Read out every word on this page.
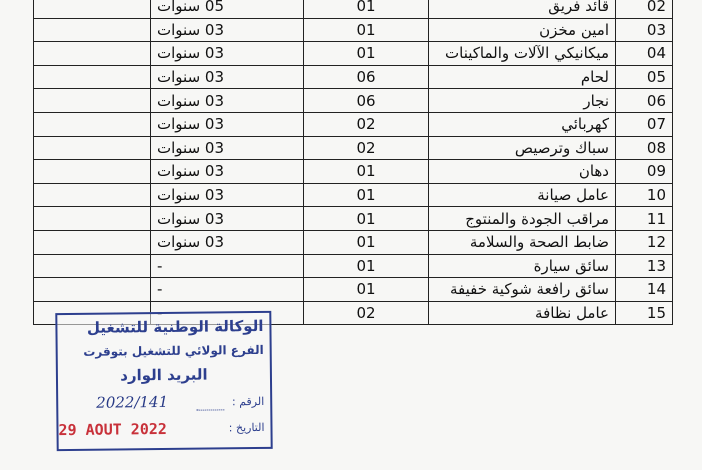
	05 سنوات	01	قائد فريق	02
	03 سنوات	01	امين مخزن	03
	03 سنوات	01	ميكانيكي الآلات والماكينات	04
	03 سنوات	06	لحام	05
	03 سنوات	06	نجار	06
	03 سنوات	02	كهربائي	07
	03 سنوات	02	سباك وترصيص	08
	03 سنوات	01	دهان	09
	03 سنوات	01	عامل صيانة	10
	03 سنوات	01	مراقب الجودة والمنتوج	11
	03 سنوات	01	ضابط الصحة والسلامة	12
	-	01	سائق سيارة	13
	-	01	سائق رافعة شوكية خفيفة	14
		02	عامل نظافة	15
الوكالة الوطنية للتشغيل
الفرع الولائي للتشغيل بتوقرت
البريد الوارد
2022/141	الرقم :
29 AOUT 2022	التاريخ :
